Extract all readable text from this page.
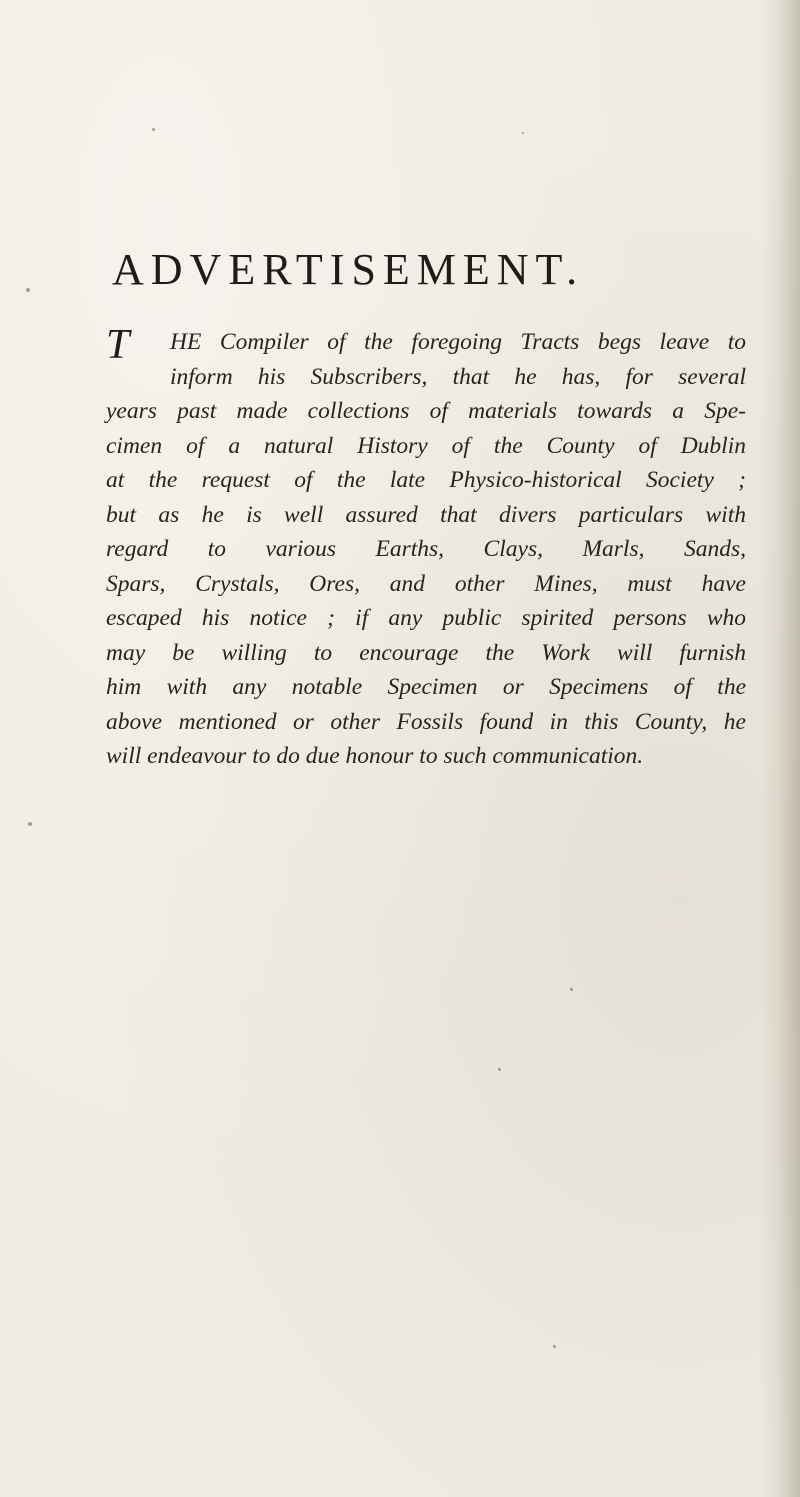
ADVERTISEMENT.
T	HE Compiler of the foregoing Tracts begs leave to
inform his Subscribers, that he has, for several
years past made collections of materials towards a Spe-
cimen of a natural History of the County of Dublin
at the request of the late Physico-historical Society ;
but as he is well assured that divers particulars with
regard to various Earths, Clays, Marls, Sands,
Spars, Crystals, Ores, and other Mines, must have
escaped his notice ; if any public spirited persons who
may be willing to encourage the Work will furnish
him with any notable Specimen or Specimens of the
above mentioned or other Fossils found in this County, he
will endeavour to do due honour to such communication.
